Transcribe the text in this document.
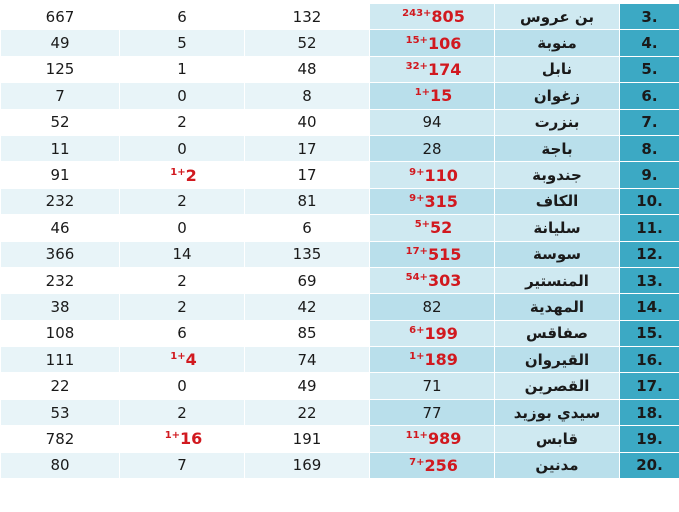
3.	بن عروس	$^{243+}$805	132	6	667
4.	منوبة	$^{15+}$106	52	5	49
5.	نابل	$^{32+}$174	48	1	125
6.	زغوان	$^{1+}$15	8	0	7
7.	بنزرت	94	40	2	52
8.	باجة	28	17	0	11
9.	جندوبة	$^{9+}$110	17	$^{1+}$2	91
10.	الكاف	$^{9+}$315	81	2	232
11.	سليانة	$^{5+}$52	6	0	46
12.	سوسة	$^{17+}$515	135	14	366
13.	المنستير	$^{54+}$303	69	2	232
14.	المهدية	82	42	2	38
15.	صفاقس	$^{6+}$199	85	6	108
16.	القيروان	$^{1+}$189	74	$^{1+}$4	111
17.	القصرين	71	49	0	22
18.	سيدي بوزيد	77	22	2	53
19.	قابس	$^{11+}$989	191	$^{1+}$16	782
20.	مدنين	$^{7+}$256	169	7	80
